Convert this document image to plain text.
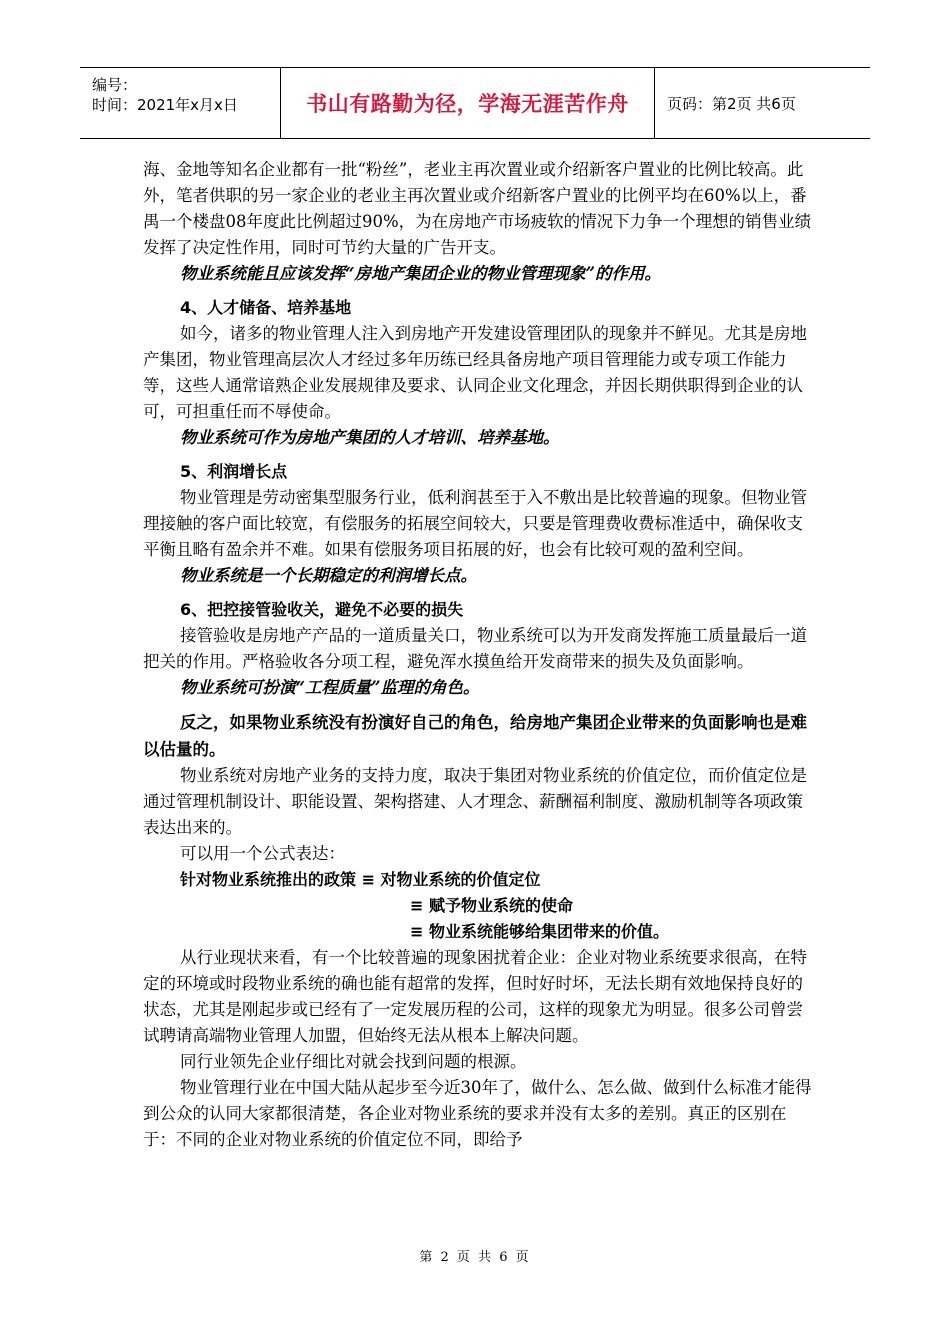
编号：
时间：2021年x月x日	书山有路勤为径，学海无涯苦作舟	页码：第2页 共6页

海、金地等知名企业都有一批“粉丝”，老业主再次置业或介绍新客户置业的比例比较高。此外，笔者供职的另一家企业的老业主再次置业或介绍新客户置业的比例平均在60%以上，番禺一个楼盘08年度此比例超过90%，为在房地产市场疲软的情况下力争一个理想的销售业绩发挥了决定性作用，同时可节约大量的广告开支。

物业系统能且应该发挥“房地产集团企业的物业管理现象”的作用。

4、人才储备、培养基地

如今，诸多的物业管理人注入到房地产开发建设管理团队的现象并不鲜见。尤其是房地产集团，物业管理高层次人才经过多年历练已经具备房地产项目管理能力或专项工作能力等，这些人通常谙熟企业发展规律及要求、认同企业文化理念，并因长期供职得到企业的认可，可担重任而不辱使命。

物业系统可作为房地产集团的人才培训、培养基地。

5、利润增长点

物业管理是劳动密集型服务行业，低利润甚至于入不敷出是比较普遍的现象。但物业管理接触的客户面比较宽，有偿服务的拓展空间较大，只要是管理费收费标准适中，确保收支平衡且略有盈余并不难。如果有偿服务项目拓展的好，也会有比较可观的盈利空间。

物业系统是一个长期稳定的利润增长点。

6、把控接管验收关，避免不必要的损失

接管验收是房地产产品的一道质量关口，物业系统可以为开发商发挥施工质量最后一道把关的作用。严格验收各分项工程，避免浑水摸鱼给开发商带来的损失及负面影响。

物业系统可扮演“工程质量”监理的角色。

反之，如果物业系统没有扮演好自己的角色，给房地产集团企业带来的负面影响也是难以估量的。

物业系统对房地产业务的支持力度，取决于集团对物业系统的价值定位，而价值定位是通过管理机制设计、职能设置、架构搭建、人才理念、薪酬福利制度、激励机制等各项政策表达出来的。

可以用一个公式表达：

针对物业系统推出的政策 ≡ 对物业系统的价值定位
≡ 赋予物业系统的使命
≡ 物业系统能够给集团带来的价值。

从行业现状来看，有一个比较普遍的现象困扰着企业：企业对物业系统要求很高，在特定的环境或时段物业系统的确也能有超常的发挥，但时好时坏，无法长期有效地保持良好的状态，尤其是刚起步或已经有了一定发展历程的公司，这样的现象尤为明显。很多公司曾尝试聘请高端物业管理人加盟，但始终无法从根本上解决问题。

同行业领先企业仔细比对就会找到问题的根源。

物业管理行业在中国大陆从起步至今近30年了，做什么、怎么做、做到什么标准才能得到公众的认同大家都很清楚，各企业对物业系统的要求并没有太多的差别。真正的区别在于：不同的企业对物业系统的价值定位不同，即给予

第 2 页 共 6 页
